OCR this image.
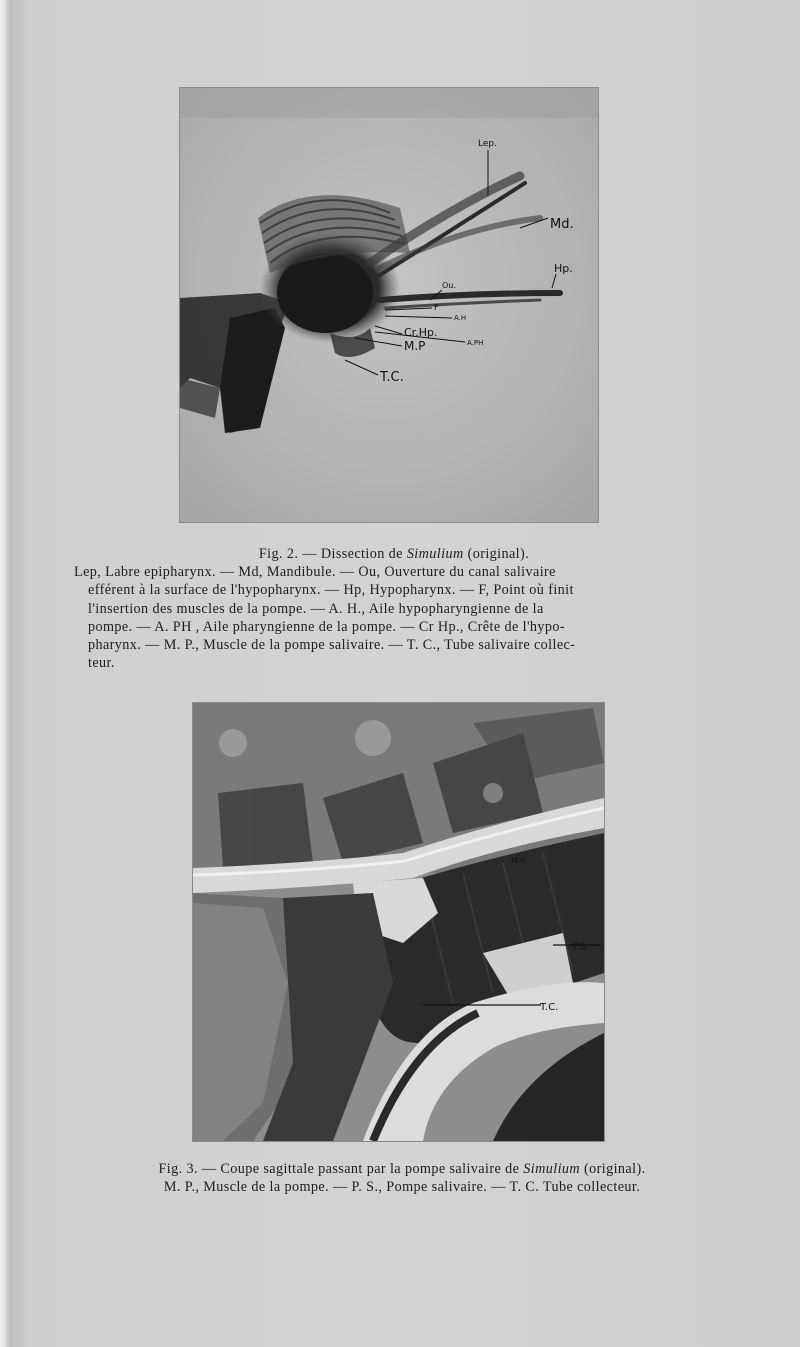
Lep.
Md.
Hp.
Ou.
F
A.H
Cr.Hp.
A.PH
M.P
T.C.
Fig. 2. — Dissection de Simulium (original).
Lep, Labre epipharynx. — Md, Mandibule. — Ou, Ouverture du canal salivaire
efférent à la surface de l'hypopharynx. — Hp, Hypopharynx. — F, Point où finit
l'insertion des muscles de la pompe. — A. H., Aile hypopharyngienne de la
pompe. — A. PH , Aile pharyngienne de la pompe. — Cr Hp., Crête de l'hypo-
pharynx. — M. P., Muscle de la pompe salivaire. — T. C., Tube salivaire collec-
teur.
M.P.
P.S.
T.C.
Fig. 3. — Coupe sagittale passant par la pompe salivaire de Simulium (original).
M. P., Muscle de la pompe. — P. S., Pompe salivaire. — T. C. Tube collecteur.
